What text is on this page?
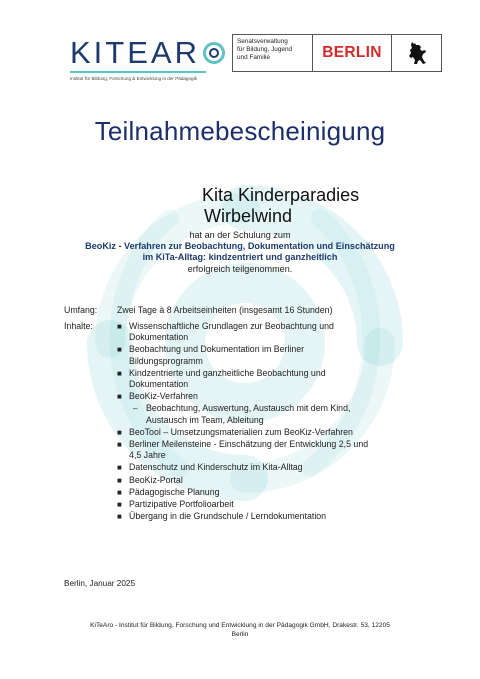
KITEAR
Institut für Bildung, Forschung & Entwicklung in der Pädagogik
Senatsverwaltung
für Bildung, Jugend
und Familie	BERLIN
Teilnahmebescheinigung
Kita Kinderparadies
Wirbelwind
hat an der Schulung zum
BeoKiz - Verfahren zur Beobachtung, Dokumentation und Einschätzung im KiTa-Alltag: kindzentriert und ganzheitlich
erfolgreich teilgenommen.
Umfang: Zwei Tage à 8 Arbeitseinheiten (insgesamt 16 Stunden)
Inhalte:	■ Wissenschaftliche Grundlagen zur Beobachtung und Dokumentation
■ Beobachtung und Dokumentation im Berliner Bildungsprogramm
■ Kindzentrierte und ganzheitliche Beobachtung und Dokumentation
■ BeoKiz-Verfahren
– Beobachtung, Auswertung, Austausch mit dem Kind, Austausch im Team, Ableitung
■ BeoTool – Umsetzungsmaterialien zum BeoKiz-Verfahren
■ Berliner Meilensteine - Einschätzung der Entwicklung 2,5 und 4,5 Jahre
■ Datenschutz und Kinderschutz im Kita-Alltag
■ BeoKiz-Portal
■ Pädagogische Planung
■ Partizipative Portfolioarbeit
■ Übergang in die Grundschule / Lerndokumentation
Berlin, Januar 2025
KiTeAro - Institut für Bildung, Forschung und Entwicklung in der Pädagogik GmbH, Drakestr. 53, 12205
Berlin
